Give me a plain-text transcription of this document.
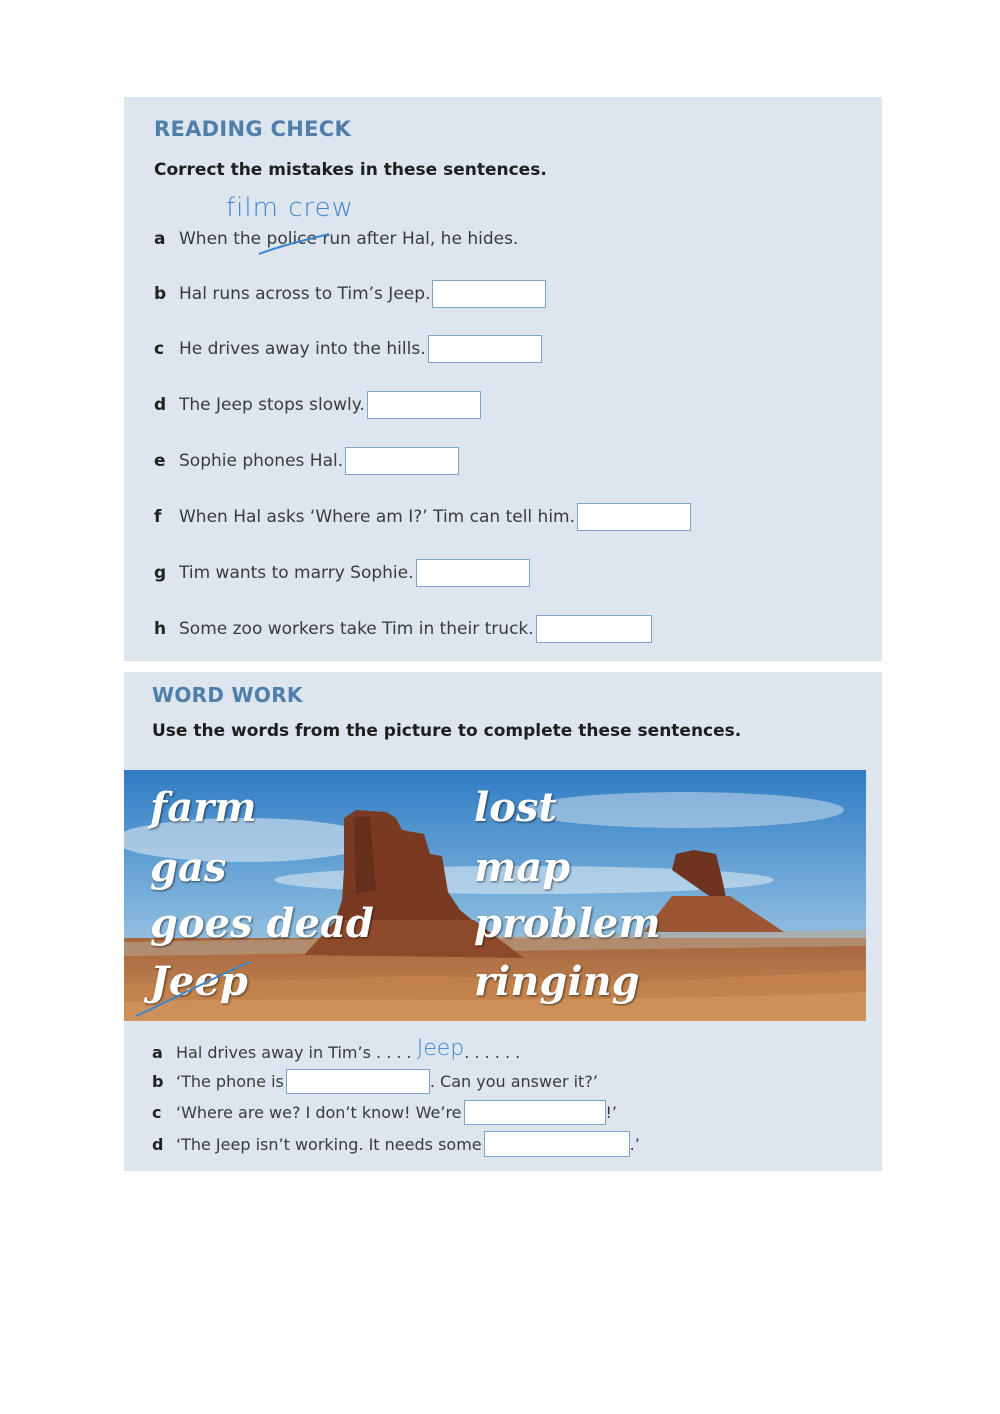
READING CHECK
Correct the mistakes in these sentences.
film crew
a When the police run after Hal, he hides.
b Hal runs across to Tim’s Jeep.
c He drives away into the hills.
d The Jeep stops slowly.
e Sophie phones Hal.
f	When Hal asks ‘Where am I?’ Tim can tell him.
g Tim wants to marry Sophie.
h Some zoo workers take Tim in their truck.
WORD WORK
Use the words from the picture to complete these sentences.
farm
gas
goes dead
Jeep
lost
map
problem
ringing
a Hal drives away in Tim’s . . . . Jeep . . . . . .
b ‘The phone is	. Can you answer it?’
c ‘Where are we? I don’t know! We’re	!’
d ‘The Jeep isn’t working. It needs some	.’
